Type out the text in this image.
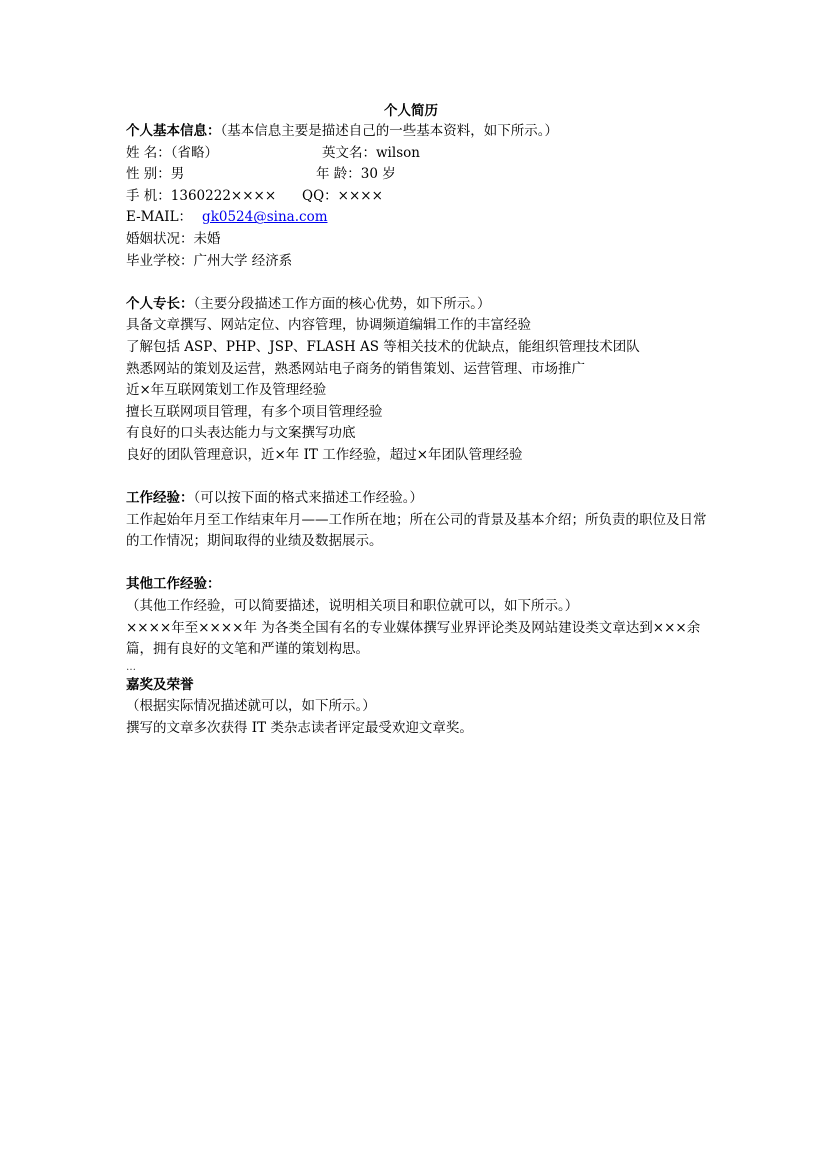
个人简历
个人基本信息：（基本信息主要是描述自己的一些基本资料，如下所示。）
姓 名：（省略）	英文名：wilson
性 别：男	年 龄：30 岁
手 机：1360222×××× QQ：××××
E-MAIL： gk0524@sina.com
婚姻状况：未婚
毕业学校：广州大学 经济系
个人专长：（主要分段描述工作方面的核心优势，如下所示。）
具备文章撰写、网站定位、内容管理，协调频道编辑工作的丰富经验
了解包括 ASP、PHP、JSP、FLASH AS 等相关技术的优缺点，能组织管理技术团队
熟悉网站的策划及运营，熟悉网站电子商务的销售策划、运营管理、市场推广
近×年互联网策划工作及管理经验
擅长互联网项目管理，有多个项目管理经验
有良好的口头表达能力与文案撰写功底
良好的团队管理意识，近×年 IT 工作经验，超过×年团队管理经验
工作经验：（可以按下面的格式来描述工作经验。）
工作起始年月至工作结束年月——工作所在地；所在公司的背景及基本介绍；所负责的职位及日常的工作情况；期间取得的业绩及数据展示。
其他工作经验：
（其他工作经验，可以简要描述，说明相关项目和职位就可以，如下所示。）
××××年至××××年 为各类全国有名的专业媒体撰写业界评论类及网站建设类文章达到×××余篇，拥有良好的文笔和严谨的策划构思。
…
嘉奖及荣誉
（根据实际情况描述就可以，如下所示。）
撰写的文章多次获得 IT 类杂志读者评定最受欢迎文章奖。
